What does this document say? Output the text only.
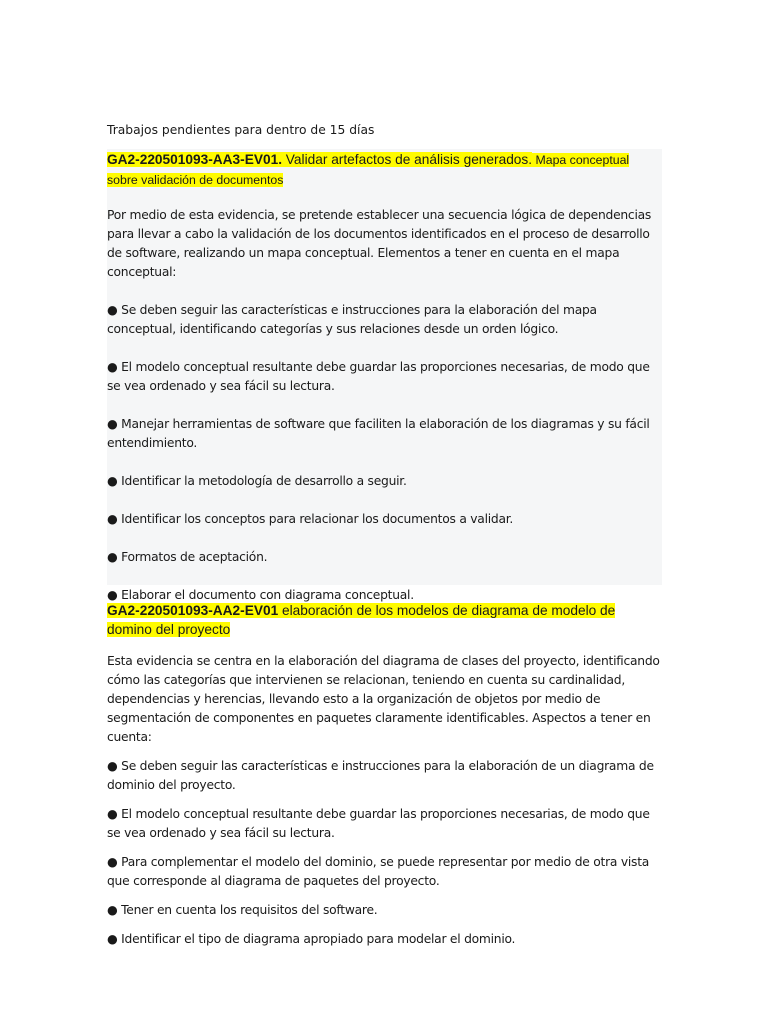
Trabajos pendientes para dentro de 15 días

GA2-220501093-AA3-EV01. Validar artefactos de análisis generados. Mapa conceptual sobre validación de documentos

Por medio de esta evidencia, se pretende establecer una secuencia lógica de dependencias para llevar a cabo la validación de los documentos identificados en el proceso de desarrollo de software, realizando un mapa conceptual. Elementos a tener en cuenta en el mapa conceptual:

● Se deben seguir las características e instrucciones para la elaboración del mapa conceptual, identificando categorías y sus relaciones desde un orden lógico.

● El modelo conceptual resultante debe guardar las proporciones necesarias, de modo que se vea ordenado y sea fácil su lectura.

● Manejar herramientas de software que faciliten la elaboración de los diagramas y su fácil entendimiento.

● Identificar la metodología de desarrollo a seguir.

● Identificar los conceptos para relacionar los documentos a validar.

● Formatos de aceptación.

● Elaborar el documento con diagrama conceptual.

GA2-220501093-AA2-EV01 elaboración de los modelos de diagrama de modelo de domino del proyecto

Esta evidencia se centra en la elaboración del diagrama de clases del proyecto, identificando cómo las categorías que intervienen se relacionan, teniendo en cuenta su cardinalidad, dependencias y herencias, llevando esto a la organización de objetos por medio de segmentación de componentes en paquetes claramente identificables. Aspectos a tener en cuenta:

● Se deben seguir las características e instrucciones para la elaboración de un diagrama de dominio del proyecto.

● El modelo conceptual resultante debe guardar las proporciones necesarias, de modo que se vea ordenado y sea fácil su lectura.

● Para complementar el modelo del dominio, se puede representar por medio de otra vista que corresponde al diagrama de paquetes del proyecto.

● Tener en cuenta los requisitos del software.

● Identificar el tipo de diagrama apropiado para modelar el dominio.
